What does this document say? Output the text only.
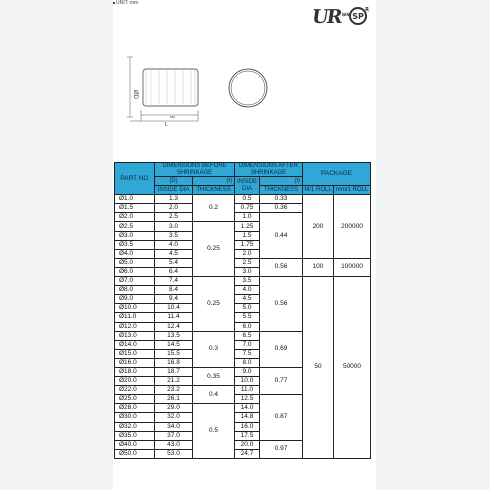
UNIT: mm
$UR^{us}$ SP
R
ØD
L
MM
PART NO	DIMENSIONS BEFORE SHRINKAGE		DIMENSIONS AFTER SHRINKAGE		PACKAGE	
	(D)	(t)	INSIDE DIA	(t)		
	INSIDE DIA	THICKNESS		THICKNESS	M/1 ROLL	mm/1 ROLL
Ø1.0	1.3	0.2	0.5	0.33	200	200000
Ø1.5	2.0		0.75	0.36		
Ø2.0	2.5		1.0	0.44		
Ø2.5	3.0	0.25	1.25			
Ø3.0	3.5		1.5			
Ø3.5	4.0		1.75			
Ø4.0	4.5		2.0			
Ø5.0	5.4		2.5	0.56	100	100000
Ø6.0	6.4		3.0			
Ø7.0	7.4	0.25	3.5	0.56	50	50000
Ø8.0	8.4		4.0			
Ø9.0	9.4		4.5			
Ø10.0	10.4		5.0			
Ø11.0	11.4		5.5			
Ø12.0	12.4		6.0			
Ø13.0	13.5	0.3	6.5	0.69		
Ø14.0	14.5		7.0			
Ø15.0	15.5		7.5			
Ø16.0	16.8		8.0			
Ø18.0	18.7	0.35	9.0	0.77		
Ø20.0	21.2		10.0			
Ø22.0	23.2	0.4	11.0			
Ø25.0	26.1		12.5	0.87		
Ø28.0	29.0	0.5	14.0			
Ø30.0	32.0		14.8			
Ø32.0	34.0		16.0			
Ø35.0	37.0		17.5			
Ø40.0	43.0		20.0	0.97		
Ø50.0	53.0		24.7			
